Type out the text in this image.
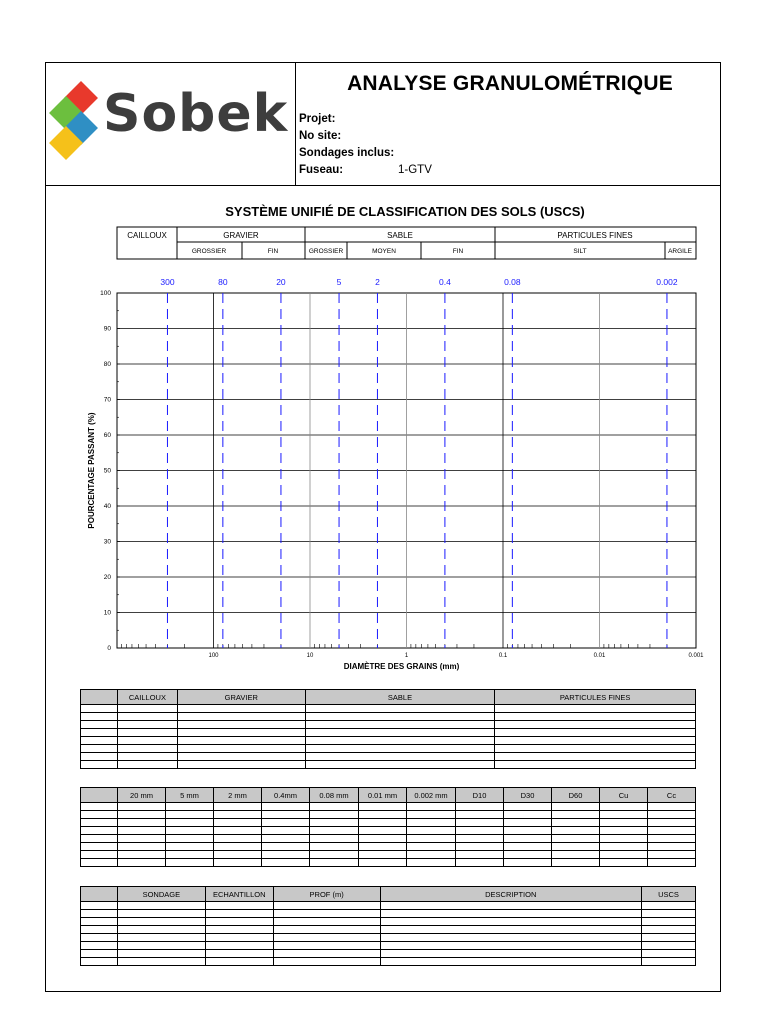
Sobek
ANALYSE GRANULOMÉTRIQUE
Projet:
No site:
Sondages inclus:
Fuseau:	1-GTV
SYSTÈME UNIFIÉ DE CLASSIFICATION DES SOLS (USCS)
CAILLOUX	GRAVIER	SABLE	PARTICULES FINES
GROSSIER	FIN	GROSSIER	MOYEN	FIN	SILT	ARGILE
0
10
20
30
40
50
60
70
80
90
100
100	10	1	0.1	0.01	0.001
300	80	20	5	2	0.4	0.08	0.002
DIAMÈTRE DES GRAINS (mm)
POURCENTAGE PASSANT (%)
	CAILLOUX	GRAVIER	SABLE	PARTICULES FINES

	20 mm	5 mm	2 mm	0.4mm	0.08 mm	0.01 mm	0.002 mm	D10	D30	D60	Cu	Cc

	SONDAGE	ECHANTILLON	PROF (m)	DESCRIPTION	USCS
